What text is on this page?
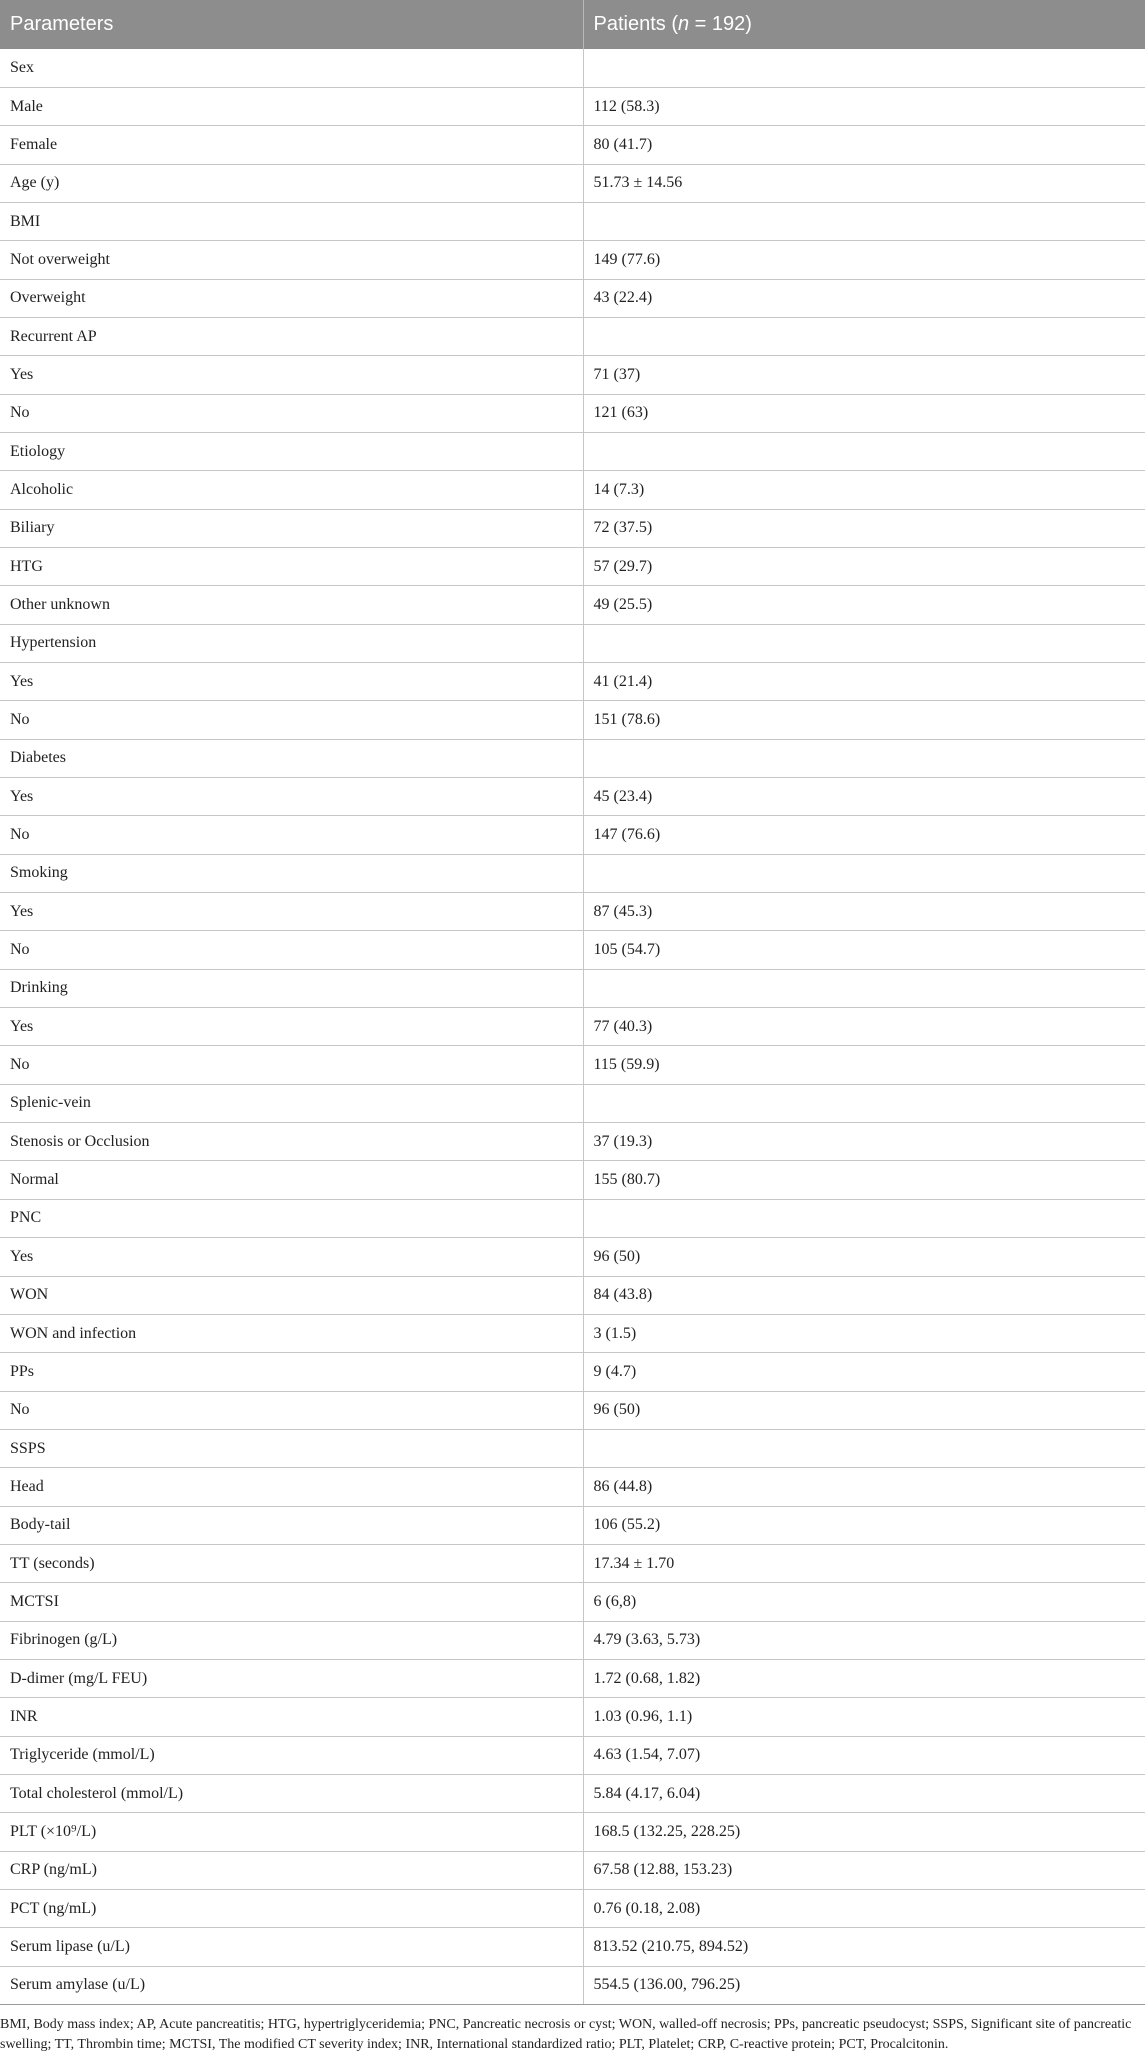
Parameters	Patients (n = 192)
Sex	
Male	112 (58.3)
Female	80 (41.7)
Age (y)	51.73 ± 14.56
BMI	
Not overweight	149 (77.6)
Overweight	43 (22.4)
Recurrent AP	
Yes	71 (37)
No	121 (63)
Etiology	
Alcoholic	14 (7.3)
Biliary	72 (37.5)
HTG	57 (29.7)
Other unknown	49 (25.5)
Hypertension	
Yes	41 (21.4)
No	151 (78.6)
Diabetes	
Yes	45 (23.4)
No	147 (76.6)
Smoking	
Yes	87 (45.3)
No	105 (54.7)
Drinking	
Yes	77 (40.3)
No	115 (59.9)
Splenic-vein	
Stenosis or Occlusion	37 (19.3)
Normal	155 (80.7)
PNC	
Yes	96 (50)
WON	84 (43.8)
WON and infection	3 (1.5)
PPs	9 (4.7)
No	96 (50)
SSPS	
Head	86 (44.8)
Body-tail	106 (55.2)
TT (seconds)	17.34 ± 1.70
MCTSI	6 (6,8)
Fibrinogen (g/L)	4.79 (3.63, 5.73)
D-dimer (mg/L FEU)	1.72 (0.68, 1.82)
INR	1.03 (0.96, 1.1)
Triglyceride (mmol/L)	4.63 (1.54, 7.07)
Total cholesterol (mmol/L)	5.84 (4.17, 6.04)
PLT (×10⁹/L)	168.5 (132.25, 228.25)
CRP (ng/mL)	67.58 (12.88, 153.23)
PCT (ng/mL)	0.76 (0.18, 2.08)
Serum lipase (u/L)	813.52 (210.75, 894.52)
Serum amylase (u/L)	554.5 (136.00, 796.25)
BMI, Body mass index; AP, Acute pancreatitis; HTG, hypertriglyceridemia; PNC, Pancreatic necrosis or cyst; WON, walled-off necrosis; PPs, pancreatic pseudocyst; SSPS, Significant site of pancreatic swelling; TT, Thrombin time; MCTSI, The modified CT severity index; INR, International standardized ratio; PLT, Platelet; CRP, C-reactive protein; PCT, Procalcitonin.
